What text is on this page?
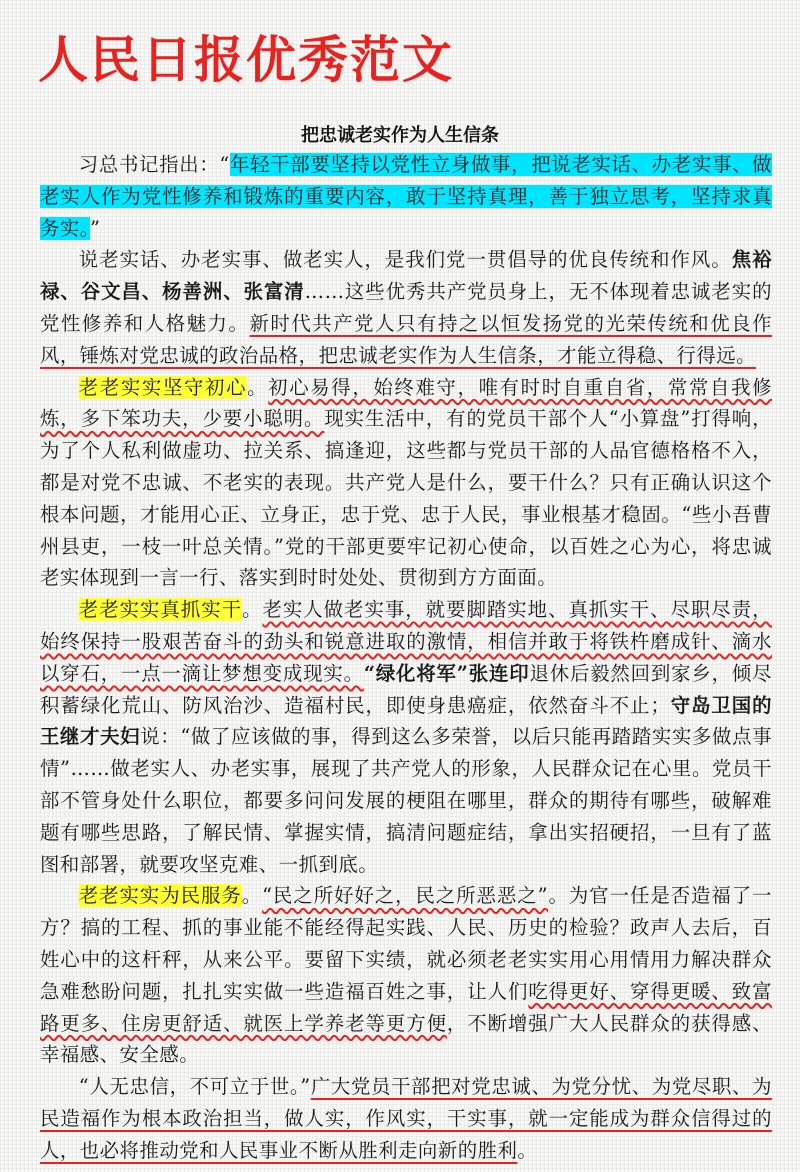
人民日报优秀范文
把忠诚老实作为人生信条

习总书记指出：“年轻干部要坚持以党性立身做事，把说老实话、办老实事、做老实人作为党性修养和锻炼的重要内容，敢于坚持真理，善于独立思考，坚持求真务实。”

说老实话、办老实事、做老实人，是我们党一贯倡导的优良传统和作风。焦裕禄、谷文昌、杨善洲、张富清……这些优秀共产党员身上，无不体现着忠诚老实的党性修养和人格魅力。新时代共产党人只有持之以恒发扬党的光荣传统和优良作风，锤炼对党忠诚的政治品格，把忠诚老实作为人生信条，才能立得稳、行得远。

老老实实坚守初心。初心易得，始终难守，唯有时时自重自省，常常自我修炼，多下笨功夫，少要小聪明。现实生活中，有的党员干部个人“小算盘”打得响，为了个人私利做虚功、拉关系、搞逢迎，这些都与党员干部的人品官德格格不入，都是对党不忠诚、不老实的表现。共产党人是什么，要干什么？只有正确认识这个根本问题，才能用心正、立身正，忠于党、忠于人民，事业根基才稳固。“些小吾曹州县吏，一枝一叶总关情。”党的干部更要牢记初心使命，以百姓之心为心，将忠诚老实体现到一言一行、落实到时时处处、贯彻到方方面面。

老老实实真抓实干。老实人做老实事，就要脚踏实地、真抓实干、尽职尽责，始终保持一股艰苦奋斗的劲头和锐意进取的激情，相信并敢于将铁杵磨成针、滴水以穿石，一点一滴让梦想变成现实。“绿化将军”张连印退休后毅然回到家乡，倾尽积蓄绿化荒山、防风治沙、造福村民，即使身患癌症，依然奋斗不止；守岛卫国的王继才夫妇说：“做了应该做的事，得到这么多荣誉，以后只能再踏踏实实多做点事情”……做老实人、办老实事，展现了共产党人的形象，人民群众记在心里。党员干部不管身处什么职位，都要多问问发展的梗阻在哪里，群众的期待有哪些，破解难题有哪些思路，了解民情、掌握实情，搞清问题症结，拿出实招硬招，一旦有了蓝图和部署，就要攻坚克难、一抓到底。

老老实实为民服务。“民之所好好之，民之所恶恶之”。为官一任是否造福了一方？搞的工程、抓的事业能不能经得起实践、人民、历史的检验？政声人去后，百姓心中的这杆秤，从来公平。要留下实绩，就必须老老实实用心用情用力解决群众急难愁盼问题，扎扎实实做一些造福百姓之事，让人们吃得更好、穿得更暖、致富路更多、住房更舒适、就医上学养老等更方便，不断增强广大人民群众的获得感、幸福感、安全感。

“人无忠信，不可立于世。”广大党员干部把对党忠诚、为党分忧、为党尽职、为民造福作为根本政治担当，做人实，作风实，干实事，就一定能成为群众信得过的人，也必将推动党和人民事业不断从胜利走向新的胜利。
